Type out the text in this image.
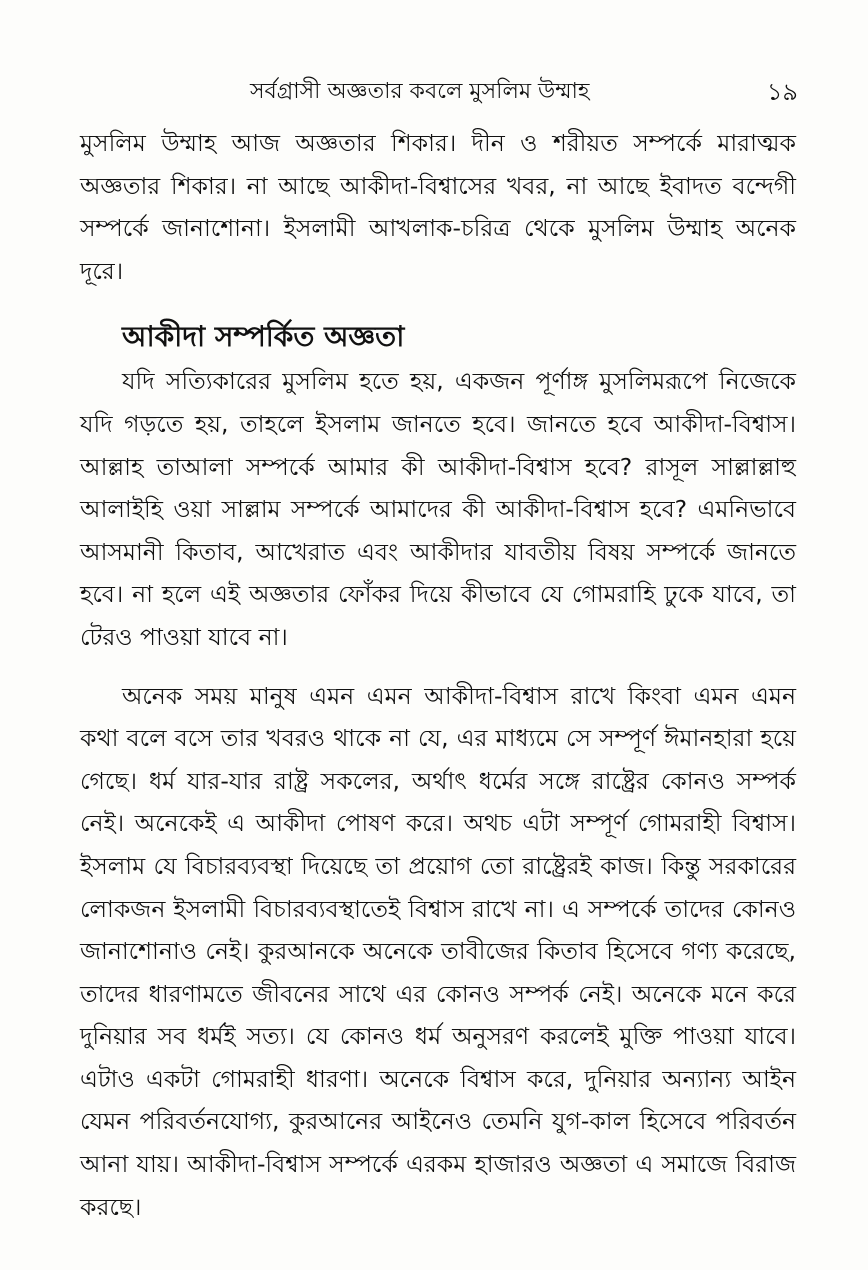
সর্বগ্রাসী অজ্ঞতার কবলে মুসলিম উম্মাহ	১৯

মুসলিম উম্মাহ আজ অজ্ঞতার শিকার। দীন ও শরীয়ত সম্পর্কে মারাত্মক অজ্ঞতার শিকার। না আছে আকীদা-বিশ্বাসের খবর, না আছে ইবাদত বন্দেগী সম্পর্কে জানাশোনা। ইসলামী আখলাক-চরিত্র থেকে মুসলিম উম্মাহ অনেক দূরে।

আকীদা সম্পর্কিত অজ্ঞতা

যদি সত্যিকারের মুসলিম হতে হয়, একজন পূর্ণাঙ্গ মুসলিমরূপে নিজেকে যদি গড়তে হয়, তাহলে ইসলাম জানতে হবে। জানতে হবে আকীদা-বিশ্বাস। আল্লাহ তাআলা সম্পর্কে আমার কী আকীদা-বিশ্বাস হবে? রাসূল সাল্লাল্লাহু আলাইহি ওয়া সাল্লাম সম্পর্কে আমাদের কী আকীদা-বিশ্বাস হবে? এমনিভাবে আসমানী কিতাব, আখেরাত এবং আকীদার যাবতীয় বিষয় সম্পর্কে জানতে হবে। না হলে এই অজ্ঞতার ফোঁকর দিয়ে কীভাবে যে গোমরাহি ঢুকে যাবে, তা টেরও পাওয়া যাবে না।

অনেক সময় মানুষ এমন এমন আকীদা-বিশ্বাস রাখে কিংবা এমন এমন কথা বলে বসে তার খবরও থাকে না যে, এর মাধ্যমে সে সম্পূর্ণ ঈমানহারা হয়ে গেছে। ধর্ম যার-যার রাষ্ট্র সকলের, অর্থাৎ ধর্মের সঙ্গে রাষ্ট্রের কোনও সম্পর্ক নেই। অনেকেই এ আকীদা পোষণ করে। অথচ এটা সম্পূর্ণ গোমরাহী বিশ্বাস। ইসলাম যে বিচারব্যবস্থা দিয়েছে তা প্রয়োগ তো রাষ্ট্রেরই কাজ। কিন্তু সরকারের লোকজন ইসলামী বিচারব্যবস্থাতেই বিশ্বাস রাখে না। এ সম্পর্কে তাদের কোনও জানাশোনাও নেই। কুরআনকে অনেকে তাবীজের কিতাব হিসেবে গণ্য করেছে, তাদের ধারণামতে জীবনের সাথে এর কোনও সম্পর্ক নেই। অনেকে মনে করে দুনিয়ার সব ধর্মই সত্য। যে কোনও ধর্ম অনুসরণ করলেই মুক্তি পাওয়া যাবে। এটাও একটা গোমরাহী ধারণা। অনেকে বিশ্বাস করে, দুনিয়ার অন্যান্য আইন যেমন পরিবর্তনযোগ্য, কুরআনের আইনেও তেমনি যুগ-কাল হিসেবে পরিবর্তন আনা যায়। আকীদা-বিশ্বাস সম্পর্কে এরকম হাজারও অজ্ঞতা এ সমাজে বিরাজ করছে।
